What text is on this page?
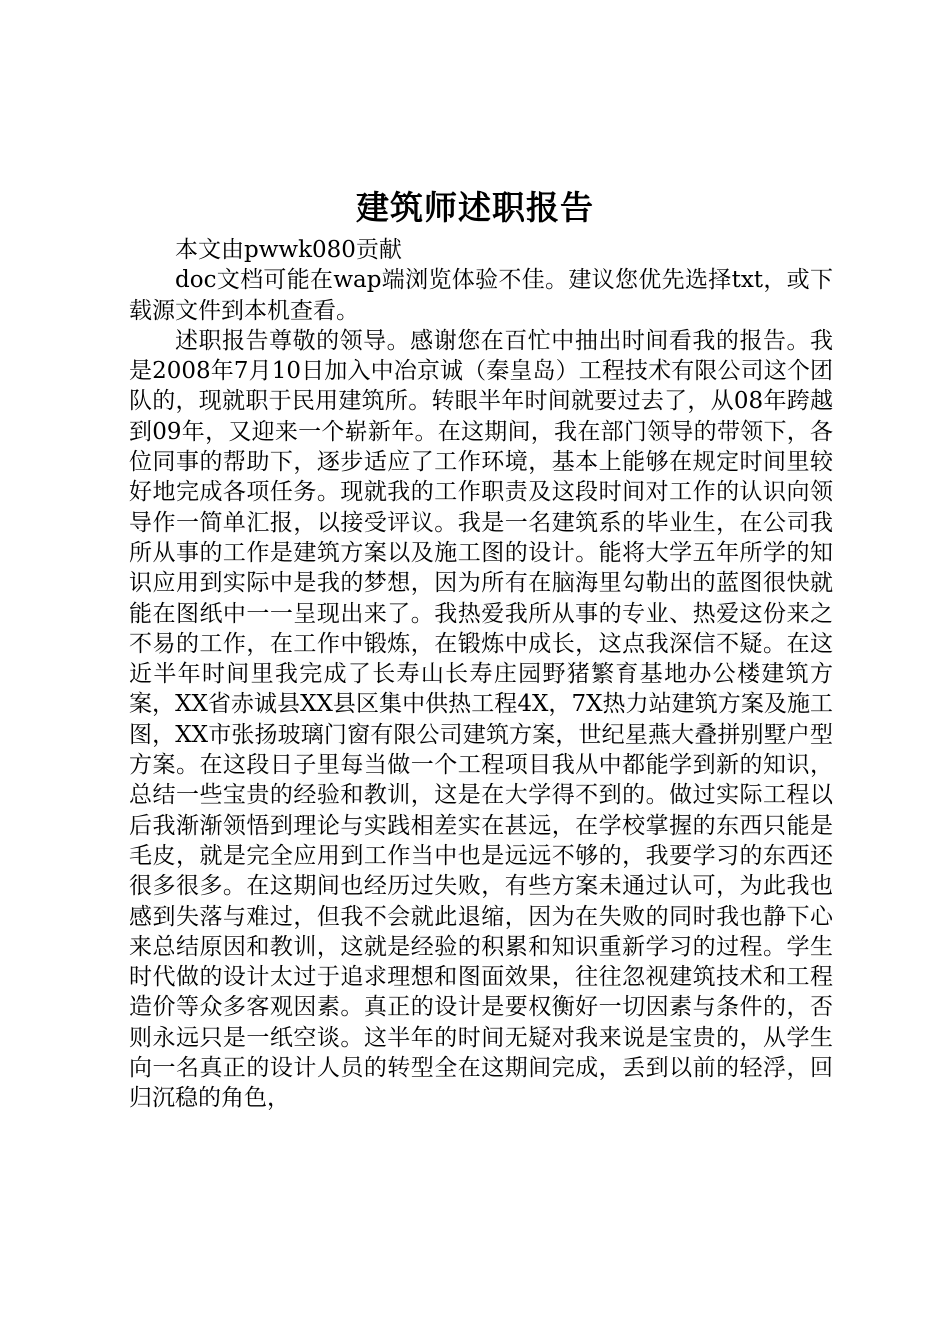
建筑师述职报告

本文由pwwk080贡献

doc文档可能在wap端浏览体验不佳。建议您优先选择txt，或下载源文件到本机查看。

述职报告尊敬的领导。感谢您在百忙中抽出时间看我的报告。我是2008年7月10日加入中冶京诚（秦皇岛）工程技术有限公司这个团队的，现就职于民用建筑所。转眼半年时间就要过去了，从08年跨越到09年，又迎来一个崭新年。在这期间，我在部门领导的带领下，各位同事的帮助下，逐步适应了工作环境，基本上能够在规定时间里较好地完成各项任务。现就我的工作职责及这段时间对工作的认识向领导作一简单汇报，以接受评议。我是一名建筑系的毕业生，在公司我所从事的工作是建筑方案以及施工图的设计。能将大学五年所学的知识应用到实际中是我的梦想，因为所有在脑海里勾勒出的蓝图很快就能在图纸中一一呈现出来了。我热爱我所从事的专业、热爱这份来之不易的工作，在工作中锻炼，在锻炼中成长，这点我深信不疑。在这近半年时间里我完成了长寿山长寿庄园野猪繁育基地办公楼建筑方案，XX省赤诚县XX县区集中供热工程4X，7X热力站建筑方案及施工图，XX市张扬玻璃门窗有限公司建筑方案，世纪星燕大叠拼别墅户型方案。在这段日子里每当做一个工程项目我从中都能学到新的知识，总结一些宝贵的经验和教训，这是在大学得不到的。做过实际工程以后我渐渐领悟到理论与实践相差实在甚远，在学校掌握的东西只能是毛皮，就是完全应用到工作当中也是远远不够的，我要学习的东西还很多很多。在这期间也经历过失败，有些方案未通过认可，为此我也感到失落与难过，但我不会就此退缩，因为在失败的同时我也静下心来总结原因和教训，这就是经验的积累和知识重新学习的过程。学生时代做的设计太过于追求理想和图面效果，往往忽视建筑技术和工程造价等众多客观因素。真正的设计是要权衡好一切因素与条件的，否则永远只是一纸空谈。这半年的时间无疑对我来说是宝贵的，从学生向一名真正的设计人员的转型全在这期间完成，丢到以前的轻浮，回归沉稳的角色，
